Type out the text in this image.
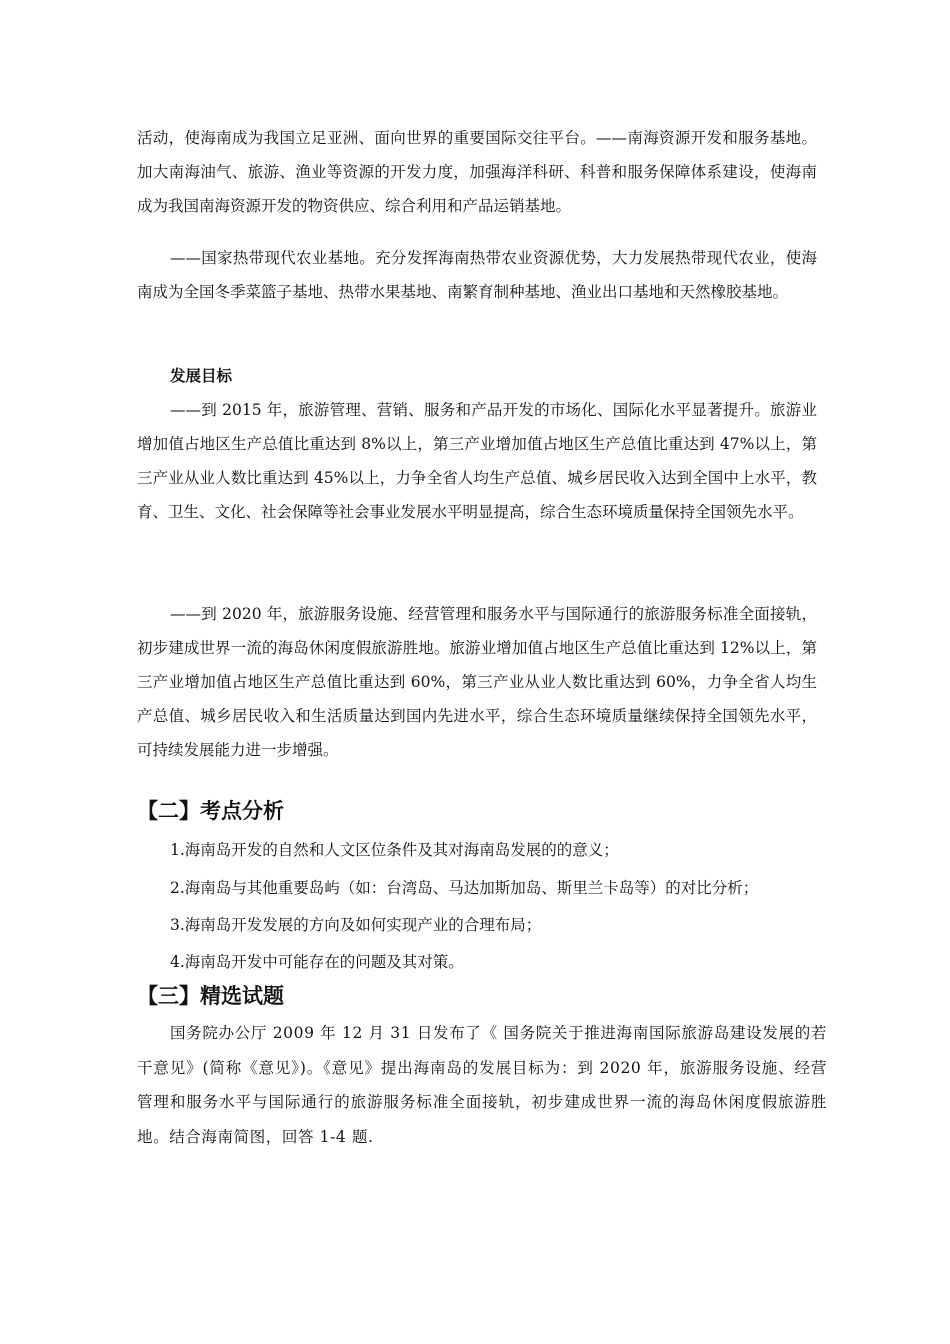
活动，使海南成为我国立足亚洲、面向世界的重要国际交往平台。——南海资源开发和服务基地。加大南海油气、旅游、渔业等资源的开发力度，加强海洋科研、科普和服务保障体系建设，使海南成为我国南海资源开发的物资供应、综合利用和产品运销基地。

——国家热带现代农业基地。充分发挥海南热带农业资源优势，大力发展热带现代农业，使海南成为全国冬季菜篮子基地、热带水果基地、南繁育制种基地、渔业出口基地和天然橡胶基地。

发展目标

——到 2015 年，旅游管理、营销、服务和产品开发的市场化、国际化水平显著提升。旅游业增加值占地区生产总值比重达到 8%以上，第三产业增加值占地区生产总值比重达到 47%以上，第三产业从业人数比重达到 45%以上，力争全省人均生产总值、城乡居民收入达到全国中上水平，教育、卫生、文化、社会保障等社会事业发展水平明显提高，综合生态环境质量保持全国领先水平。

——到 2020 年，旅游服务设施、经营管理和服务水平与国际通行的旅游服务标准全面接轨，初步建成世界一流的海岛休闲度假旅游胜地。旅游业增加值占地区生产总值比重达到 12%以上，第三产业增加值占地区生产总值比重达到 60%，第三产业从业人数比重达到 60%，力争全省人均生产总值、城乡居民收入和生活质量达到国内先进水平，综合生态环境质量继续保持全国领先水平，可持续发展能力进一步增强。

【二】考点分析

1.海南岛开发的自然和人文区位条件及其对海南岛发展的的意义；

2.海南岛与其他重要岛屿（如：台湾岛、马达加斯加岛、斯里兰卡岛等）的对比分析；

3.海南岛开发发展的方向及如何实现产业的合理布局；

4.海南岛开发中可能存在的问题及其对策。

【三】精选试题

国务院办公厅 2009 年 12 月 31 日发布了《 国务院关于推进海南国际旅游岛建设发展的若干意见》(简称《意见》)。《意见》提出海南岛的发展目标为：到 2020 年，旅游服务设施、经营管理和服务水平与国际通行的旅游服务标准全面接轨，初步建成世界一流的海岛休闲度假旅游胜地。结合海南简图，回答 1-4 题.
